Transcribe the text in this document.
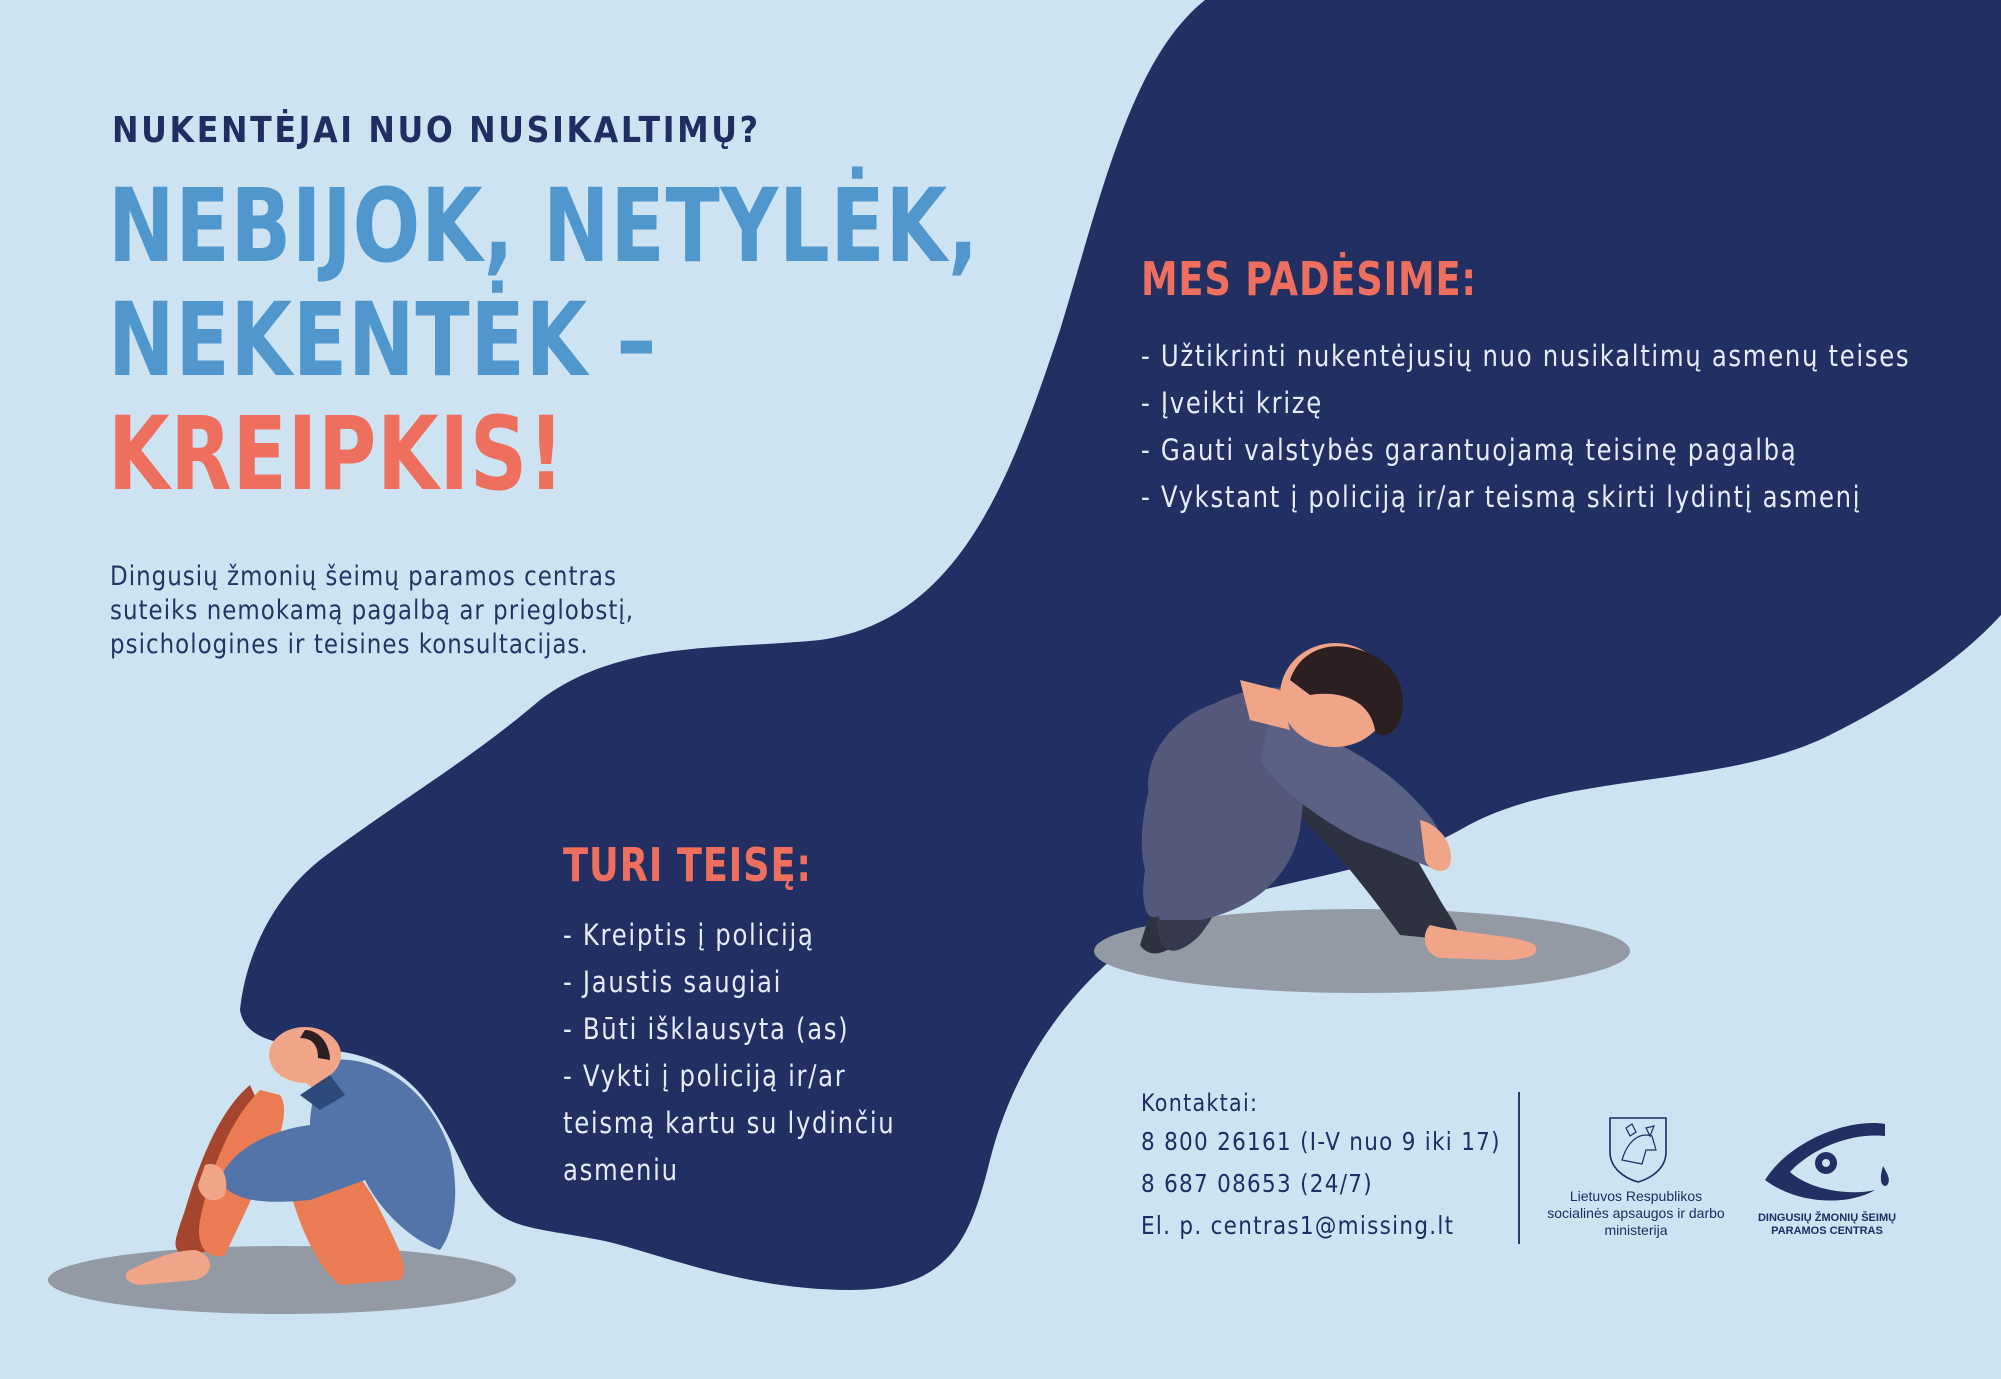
NUKENTĖJAI NUO NUSIKALTIMŲ?
NEBIJOK, NETYLĖK,
NEKENTĖK –
KREIPKIS!
Dingusių žmonių šeimų paramos centras suteiks nemokamą pagalbą ar prieglobstį, psichologines ir teisines konsultacijas.
MES PADĖSIME:
- Užtikrinti nukentėjusių nuo nusikaltimų asmenų teises
- Įveikti krizę
- Gauti valstybės garantuojamą teisinę pagalbą
- Vykstant į policiją ir/ar teismą skirti lydintį asmenį
TURI TEISĘ:
- Kreiptis į policiją
- Jaustis saugiai
- Būti išklausyta (as)
- Vykti į policiją ir/ar teismą kartu su lydinčiu asmeniu
Kontaktai:
8 800 26161 (I-V nuo 9 iki 17)
8 687 08653 (24/7)
El. p. centras1@missing.lt
Lietuvos Respublikos socialinės apsaugos ir darbo ministerija
DINGUSIŲ ŽMONIŲ ŠEIMŲ
PARAMOS CENTRAS
